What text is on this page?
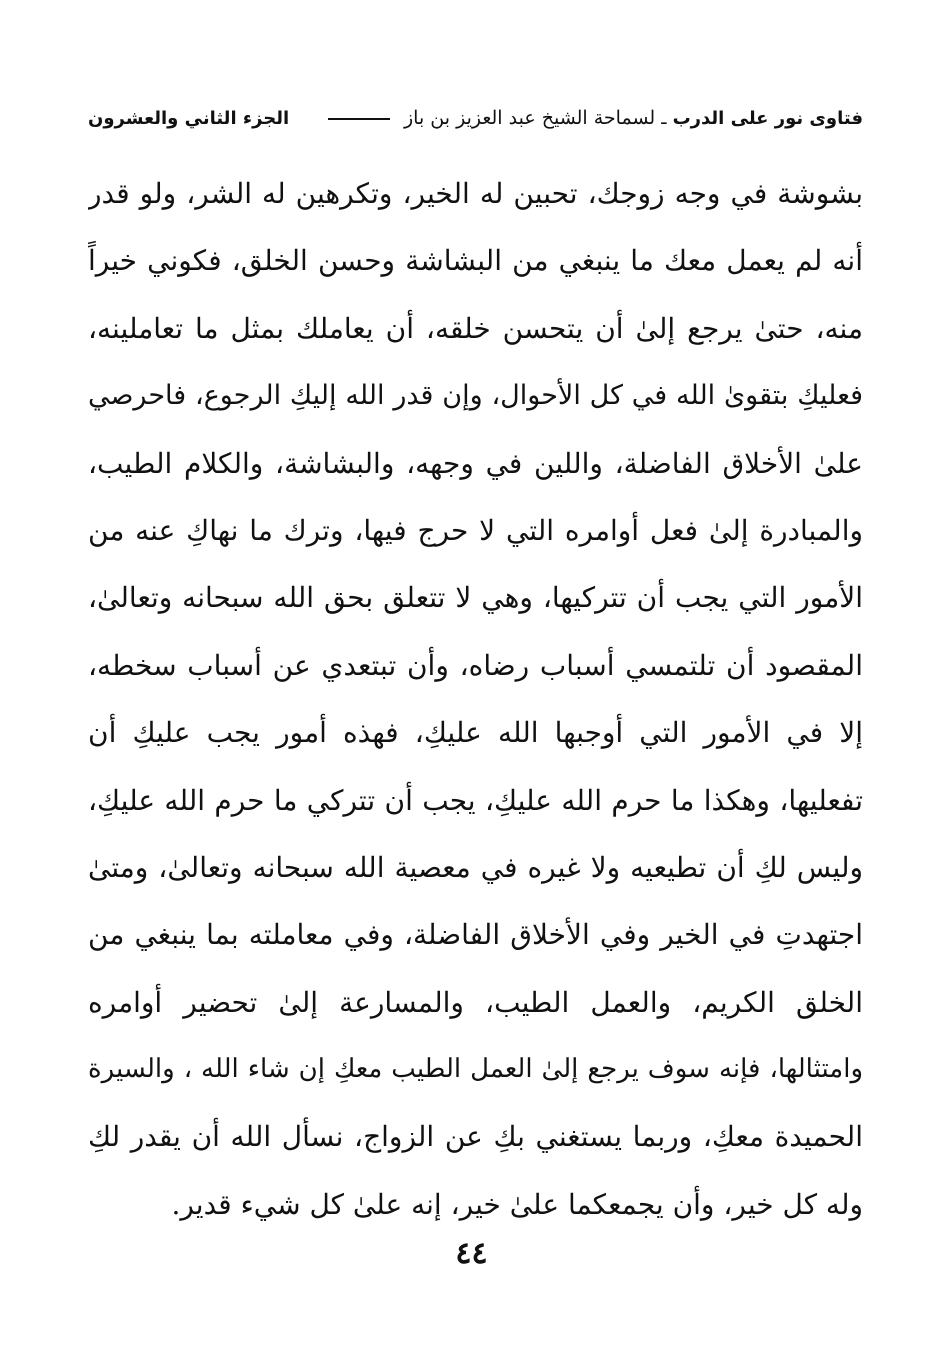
فتاوى نور على الدرب ـ لسماحة الشيخ عبد العزيز بن باز
الجزء الثاني والعشرون
بشوشة في وجه زوجك، تحبين له الخير، وتكرهين له الشر، ولو قدر
أنه لم يعمل معك ما ينبغي من البشاشة وحسن الخلق، فكوني خيراً
منه، حتىٰ يرجع إلىٰ أن يتحسن خلقه، أن يعاملك بمثل ما تعاملينه،
فعليكِ بتقوىٰ الله في كل الأحوال، وإن قدر الله إليكِ الرجوع، فاحرصي
علىٰ الأخلاق الفاضلة، واللين في وجهه، والبشاشة، والكلام الطيب،
والمبادرة إلىٰ فعل أوامره التي لا حرج فيها، وترك ما نهاكِ عنه من
الأمور التي يجب أن تتركيها، وهي لا تتعلق بحق الله سبحانه وتعالىٰ،
المقصود أن تلتمسي أسباب رضاه، وأن تبتعدي عن أسباب سخطه،
إلا في الأمور التي أوجبها الله عليكِ، فهذه أمور يجب عليكِ أن
تفعليها، وهكذا ما حرم الله عليكِ، يجب أن تتركي ما حرم الله عليكِ،
وليس لكِ أن تطيعيه ولا غيره في معصية الله سبحانه وتعالىٰ، ومتىٰ
اجتهدتِ في الخير وفي الأخلاق الفاضلة، وفي معاملته بما ينبغي من
الخلق الكريم، والعمل الطيب، والمسارعة إلىٰ تحضير أوامره
وامتثالها، فإنه سوف يرجع إلىٰ العمل الطيب معكِ إن شاء الله ، والسيرة
الحميدة معكِ، وربما يستغني بكِ عن الزواج، نسأل الله أن يقدر لكِ
وله كل خير، وأن يجمعكما علىٰ خير، إنه علىٰ كل شيء قدير.
٤٤
